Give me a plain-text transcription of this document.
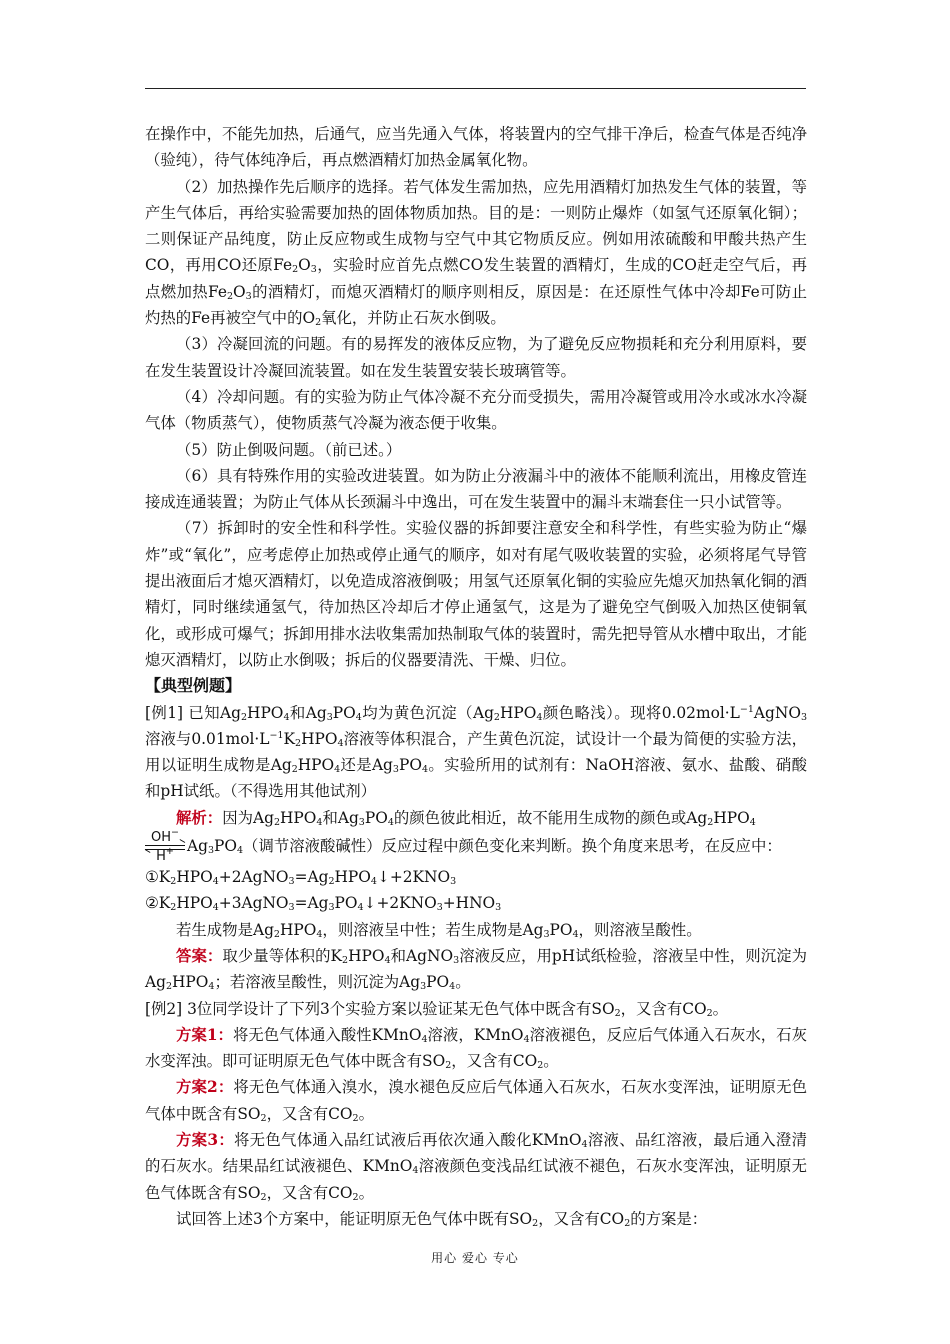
在操作中，不能先加热，后通气，应当先通入气体，将装置内的空气排干净后，检查气体是否纯净（验纯），待气体纯净后，再点燃酒精灯加热金属氧化物。

（2）加热操作先后顺序的选择。若气体发生需加热，应先用酒精灯加热发生气体的装置，等产生气体后，再给实验需要加热的固体物质加热。目的是：一则防止爆炸（如氢气还原氧化铜）；二则保证产品纯度，防止反应物或生成物与空气中其它物质反应。例如用浓硫酸和甲酸共热产生CO，再用CO还原$Fe_2O_3$，实验时应首先点燃CO发生装置的酒精灯，生成的CO赶走空气后，再点燃加热$Fe_2O_3$的酒精灯，而熄灭酒精灯的顺序则相反，原因是：在还原性气体中冷却Fe可防止灼热的Fe再被空气中的$O_2$氧化，并防止石灰水倒吸。

（3）冷凝回流的问题。有的易挥发的液体反应物，为了避免反应物损耗和充分利用原料，要在发生装置设计冷凝回流装置。如在发生装置安装长玻璃管等。

（4）冷却问题。有的实验为防止气体冷凝不充分而受损失，需用冷凝管或用冷水或冰水冷凝气体（物质蒸气），使物质蒸气冷凝为液态便于收集。

（5）防止倒吸问题。（前已述。）

（6）具有特殊作用的实验改进装置。如为防止分液漏斗中的液体不能顺利流出，用橡皮管连接成连通装置；为防止气体从长颈漏斗中逸出，可在发生装置中的漏斗末端套住一只小试管等。

（7）拆卸时的安全性和科学性。实验仪器的拆卸要注意安全和科学性，有些实验为防止“爆炸”或“氧化”，应考虑停止加热或停止通气的顺序，如对有尾气吸收装置的实验，必须将尾气导管提出液面后才熄灭酒精灯，以免造成溶液倒吸；用氢气还原氧化铜的实验应先熄灭加热氧化铜的酒精灯，同时继续通氢气，待加热区冷却后才停止通氢气，这是为了避免空气倒吸入加热区使铜氧化，或形成可爆气；拆卸用排水法收集需加热制取气体的装置时，需先把导管从水槽中取出，才能熄灭酒精灯，以防止水倒吸；拆后的仪器要清洗、干燥、归位。

【典型例题】

[例1] 已知$Ag_2HPO_4$和$Ag_3PO_4$均为黄色沉淀（$Ag_2HPO_4$颜色略浅）。现将$0.02mol\cdot L^{-1}AgNO_3$溶液与$0.01mol\cdot L^{-1}K_2HPO_4$溶液等体积混合，产生黄色沉淀，试设计一个最为简便的实验方法，用以证明生成物是$Ag_2HPO_4$还是$Ag_3PO_4$。实验所用的试剂有：NaOH溶液、氨水、盐酸、硝酸和pH试纸。（不得选用其他试剂）

解析：因为$Ag_2HPO_4$和$Ag_3PO_4$的颜色彼此相近，故不能用生成物的颜色或$Ag_2HPO_4$

OH−
H+ $Ag_3PO_4$（调节溶液酸碱性）反应过程中颜色变化来判断。换个角度来思考，在反应中：

$①K_2HPO_4+2AgNO_3=Ag_2HPO_4↓+2KNO_3$

$②K_2HPO_4+3AgNO_3=Ag_3PO_4↓+2KNO_3+HNO_3$

若生成物是$Ag_2HPO_4$，则溶液呈中性；若生成物是$Ag_3PO_4$，则溶液呈酸性。

答案：取少量等体积的$K_2HPO_4$和AgNO$_3$溶液反应，用pH试纸检验，溶液呈中性，则沉淀为$Ag_2HPO_4$；若溶液呈酸性，则沉淀为$Ag_3PO_4$。

[例2] 3位同学设计了下列3个实验方案以验证某无色气体中既含有$SO_2$，又含有$CO_2$。

方案1：将无色气体通入酸性KMnO$_4$溶液，KMnO$_4$溶液褪色，反应后气体通入石灰水，石灰水变浑浊。即可证明原无色气体中既含有$SO_2$，又含有$CO_2$。

方案2：将无色气体通入溴水，溴水褪色反应后气体通入石灰水，石灰水变浑浊，证明原无色气体中既含有$SO_2$，又含有$CO_2$。

方案3：将无色气体通入品红试液后再依次通入酸化KMnO$_4$溶液、品红溶液，最后通入澄清的石灰水。结果品红试液褪色、KMnO$_4$溶液颜色变浅品红试液不褪色，石灰水变浑浊，证明原无色气体既含有$SO_2$，又含有$CO_2$。

试回答上述3个方案中，能证明原无色气体中既有$SO_2$，又含有$CO_2$的方案是：

用心 爱心 专心
